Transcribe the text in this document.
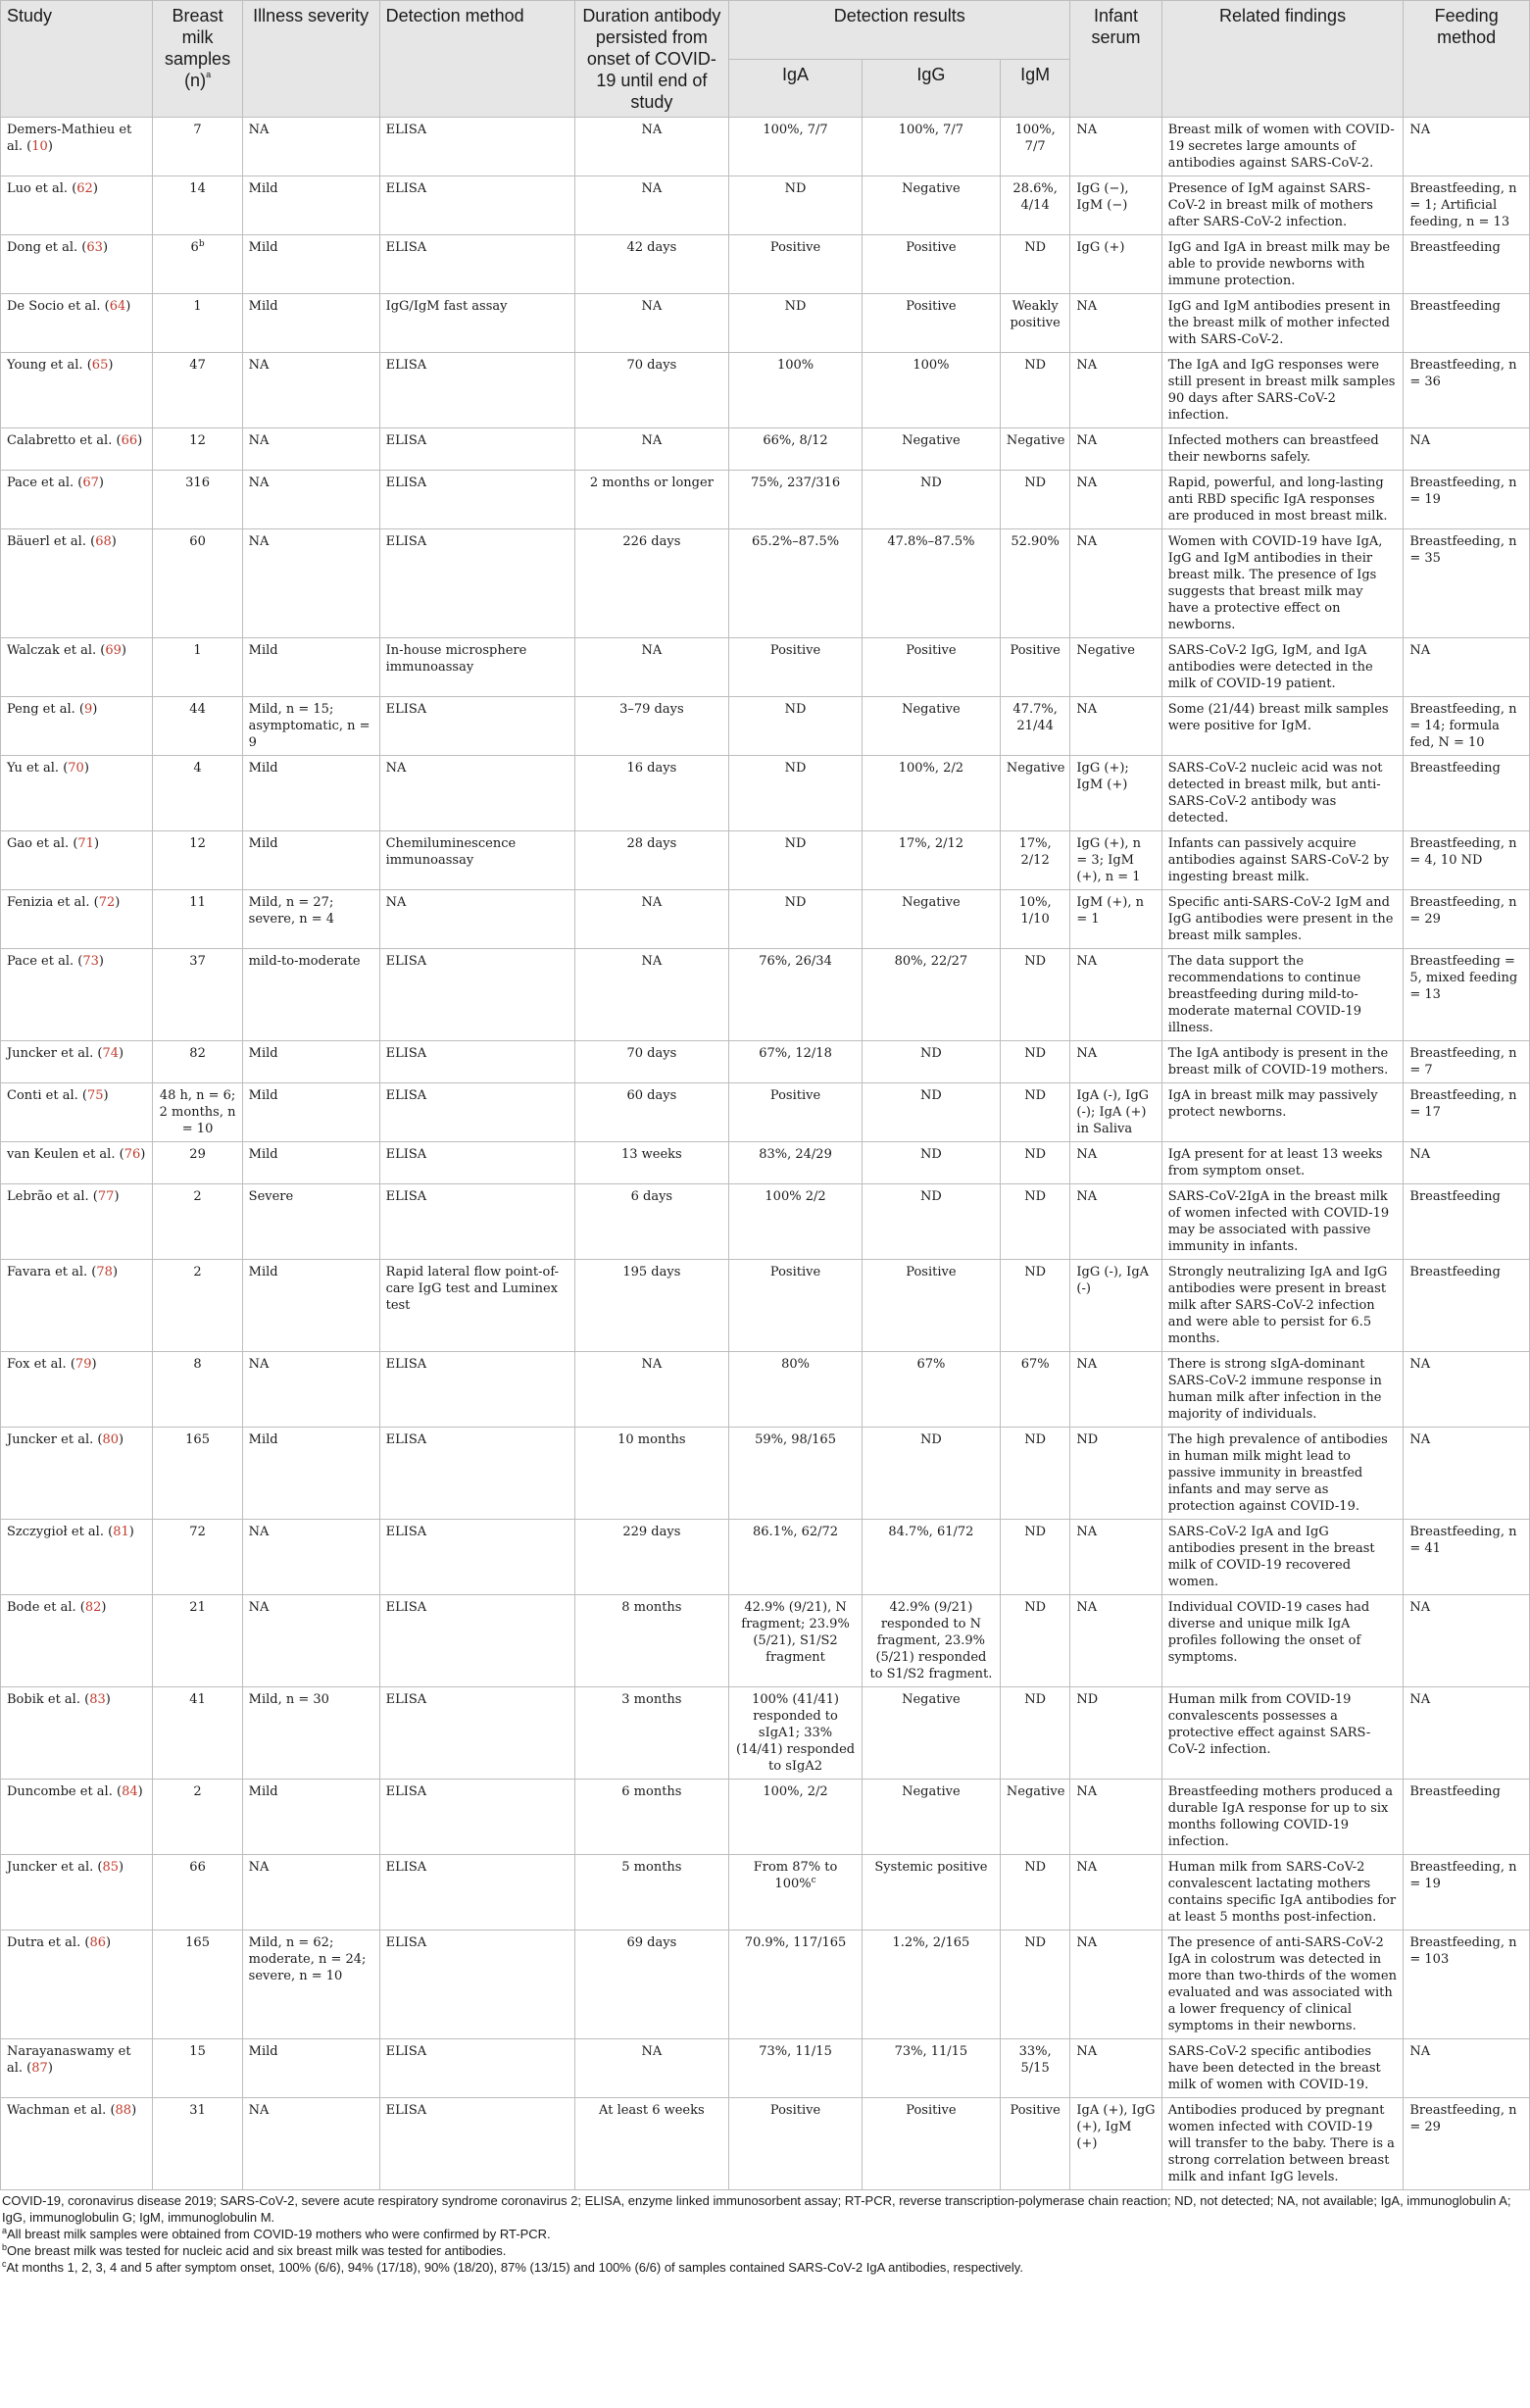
Study	Breast milk samples $(n)^a$	Illness severity	Detection method	Duration antibody persisted from onset of COVID-19 until end of study	Detection results			Infant serum	Related findings	Feeding method
					IgA	IgG	IgM			
Demers-Mathieu et al. (10)	7	NA	ELISA	NA	100%, 7/7	100%, 7/7	100%, 7/7	NA	Breast milk of women with COVID-19 secretes large amounts of antibodies against SARS-CoV-2.	NA
Luo et al. (62)	14	Mild	ELISA	NA	ND	Negative	28.6%, 4/14	IgG (−), IgM (−)	Presence of IgM against SARS-CoV-2 in breast milk of mothers after SARS-CoV-2 infection.	Breastfeeding, n = 1; Artificial feeding, n = 13
Dong et al. (63)	6$^b$	Mild	ELISA	42 days	Positive	Positive	ND	IgG (+)	IgG and IgA in breast milk may be able to provide newborns with immune protection.	Breastfeeding
De Socio et al. (64)	1	Mild	IgG/IgM fast assay	NA	ND	Positive	Weakly positive	NA	IgG and IgM antibodies present in the breast milk of mother infected with SARS-CoV-2.	Breastfeeding
Young et al. (65)	47	NA	ELISA	70 days	100%	100%	ND	NA	The IgA and IgG responses were still present in breast milk samples 90 days after SARS-CoV-2 infection.	Breastfeeding, n = 36
Calabretto et al. (66)	12	NA	ELISA	NA	66%, 8/12	Negative	Negative	NA	Infected mothers can breastfeed their newborns safely.	NA
Pace et al. (67)	316	NA	ELISA	2 months or longer	75%, 237/316	ND	ND	NA	Rapid, powerful, and long-lasting anti RBD specific IgA responses are produced in most breast milk.	Breastfeeding, n = 19
Bäuerl et al. (68)	60	NA	ELISA	226 days	65.2%–87.5%	47.8%–87.5%	52.90%	NA	Women with COVID-19 have IgA, IgG and IgM antibodies in their breast milk. The presence of Igs suggests that breast milk may have a protective effect on newborns.	Breastfeeding, n = 35
Walczak et al. (69)	1	Mild	In-house microsphere immunoassay	NA	Positive	Positive	Positive	Negative	SARS-CoV-2 IgG, IgM, and IgA antibodies were detected in the milk of COVID-19 patient.	NA
Peng et al. (9)	44	Mild, n = 15; asymptomatic, n = 9	ELISA	3–79 days	ND	Negative	47.7%, 21/44	NA	Some (21/44) breast milk samples were positive for IgM.	Breastfeeding, n = 14; formula fed, N = 10
Yu et al. (70)	4	Mild	NA	16 days	ND	100%, 2/2	Negative	IgG (+); IgM (+)	SARS-CoV-2 nucleic acid was not detected in breast milk, but anti-SARS-CoV-2 antibody was detected.	Breastfeeding
Gao et al. (71)	12	Mild	Chemiluminescence immunoassay	28 days	ND	17%, 2/12	17%, 2/12	IgG (+), n = 3; IgM (+), n = 1	Infants can passively acquire antibodies against SARS-CoV-2 by ingesting breast milk.	Breastfeeding, n = 4, 10 ND
Fenizia et al. (72)	11	Mild, n = 27; severe, n = 4	NA	NA	ND	Negative	10%, 1/10	IgM (+), n = 1	Specific anti-SARS-CoV-2 IgM and IgG antibodies were present in the breast milk samples.	Breastfeeding, n = 29
Pace et al. (73)	37	mild-to-moderate	ELISA	NA	76%, 26/34	80%, 22/27	ND	NA	The data support the recommendations to continue breastfeeding during mild-to-moderate maternal COVID-19 illness.	Breastfeeding = 5, mixed feeding = 13
Juncker et al. (74)	82	Mild	ELISA	70 days	67%, 12/18	ND	ND	NA	The IgA antibody is present in the breast milk of COVID-19 mothers.	Breastfeeding, n = 7
Conti et al. (75)	48 h, n = 6; 2 months, n = 10	Mild	ELISA	60 days	Positive	ND	ND	IgA (-), IgG (-); IgA (+) in Saliva	IgA in breast milk may passively protect newborns.	Breastfeeding, n = 17
van Keulen et al. (76)	29	Mild	ELISA	13 weeks	83%, 24/29	ND	ND	NA	IgA present for at least 13 weeks from symptom onset.	NA
Lebrão et al. (77)	2	Severe	ELISA	6 days	100% 2/2	ND	ND	NA	SARS-CoV-2IgA in the breast milk of women infected with COVID-19 may be associated with passive immunity in infants.	Breastfeeding
Favara et al. (78)	2	Mild	Rapid lateral flow point-of-care IgG test and Luminex test	195 days	Positive	Positive	ND	IgG (-), IgA (-)	Strongly neutralizing IgA and IgG antibodies were present in breast milk after SARS-CoV-2 infection and were able to persist for 6.5 months.	Breastfeeding
Fox et al. (79)	8	NA	ELISA	NA	80%	67%	67%	NA	There is strong sIgA-dominant SARS-CoV-2 immune response in human milk after infection in the majority of individuals.	NA
Juncker et al. (80)	165	Mild	ELISA	10 months	59%, 98/165	ND	ND	ND	The high prevalence of antibodies in human milk might lead to passive immunity in breastfed infants and may serve as protection against COVID-19.	NA
Szczygioł et al. (81)	72	NA	ELISA	229 days	86.1%, 62/72	84.7%, 61/72	ND	NA	SARS-CoV-2 IgA and IgG antibodies present in the breast milk of COVID-19 recovered women.	Breastfeeding, n = 41
Bode et al. (82)	21	NA	ELISA	8 months	42.9% (9/21), N fragment; 23.9% (5/21), S1/S2 fragment	42.9% (9/21) responded to N fragment, 23.9% (5/21) responded to S1/S2 fragment.	ND	NA	Individual COVID-19 cases had diverse and unique milk IgA profiles following the onset of symptoms.	NA
Bobik et al. (83)	41	Mild, n = 30	ELISA	3 months	100% (41/41) responded to sIgA1; 33% (14/41) responded to sIgA2	Negative	ND	ND	Human milk from COVID-19 convalescents possesses a protective effect against SARS-CoV-2 infection.	NA
Duncombe et al. (84)	2	Mild	ELISA	6 months	100%, 2/2	Negative	Negative	NA	Breastfeeding mothers produced a durable IgA response for up to six months following COVID-19 infection.	Breastfeeding
Juncker et al. (85)	66	NA	ELISA	5 months	From 87% to 100%$^c$	Systemic positive	ND	NA	Human milk from SARS-CoV-2 convalescent lactating mothers contains specific IgA antibodies for at least 5 months post-infection.	Breastfeeding, n = 19
Dutra et al. (86)	165	Mild, n = 62; moderate, n = 24; severe, n = 10	ELISA	69 days	70.9%, 117/165	1.2%, 2/165	ND	NA	The presence of anti-SARS-CoV-2 IgA in colostrum was detected in more than two-thirds of the women evaluated and was associated with a lower frequency of clinical symptoms in their newborns.	Breastfeeding, n = 103
Narayanaswamy et al. (87)	15	Mild	ELISA	NA	73%, 11/15	73%, 11/15	33%, 5/15	NA	SARS-CoV-2 specific antibodies have been detected in the breast milk of women with COVID-19.	NA
Wachman et al. (88)	31	NA	ELISA	At least 6 weeks	Positive	Positive	Positive	IgA (+), IgG (+), IgM (+)	Antibodies produced by pregnant women infected with COVID-19 will transfer to the baby. There is a strong correlation between breast milk and infant IgG levels.	Breastfeeding, n = 29
COVID-19, coronavirus disease 2019; SARS-CoV-2, severe acute respiratory syndrome coronavirus 2; ELISA, enzyme linked immunosorbent assay; RT-PCR, reverse transcription-polymerase chain reaction; ND, not detected; NA, not available; IgA, immunoglobulin A; IgG, immunoglobulin G; IgM, immunoglobulin M.
$^a$All breast milk samples were obtained from COVID-19 mothers who were confirmed by RT-PCR.
$^b$One breast milk was tested for nucleic acid and six breast milk was tested for antibodies.
$^c$At months 1, 2, 3, 4 and 5 after symptom onset, 100% (6/6), 94% (17/18), 90% (18/20), 87% (13/15) and 100% (6/6) of samples contained SARS-CoV-2 IgA antibodies, respectively.
